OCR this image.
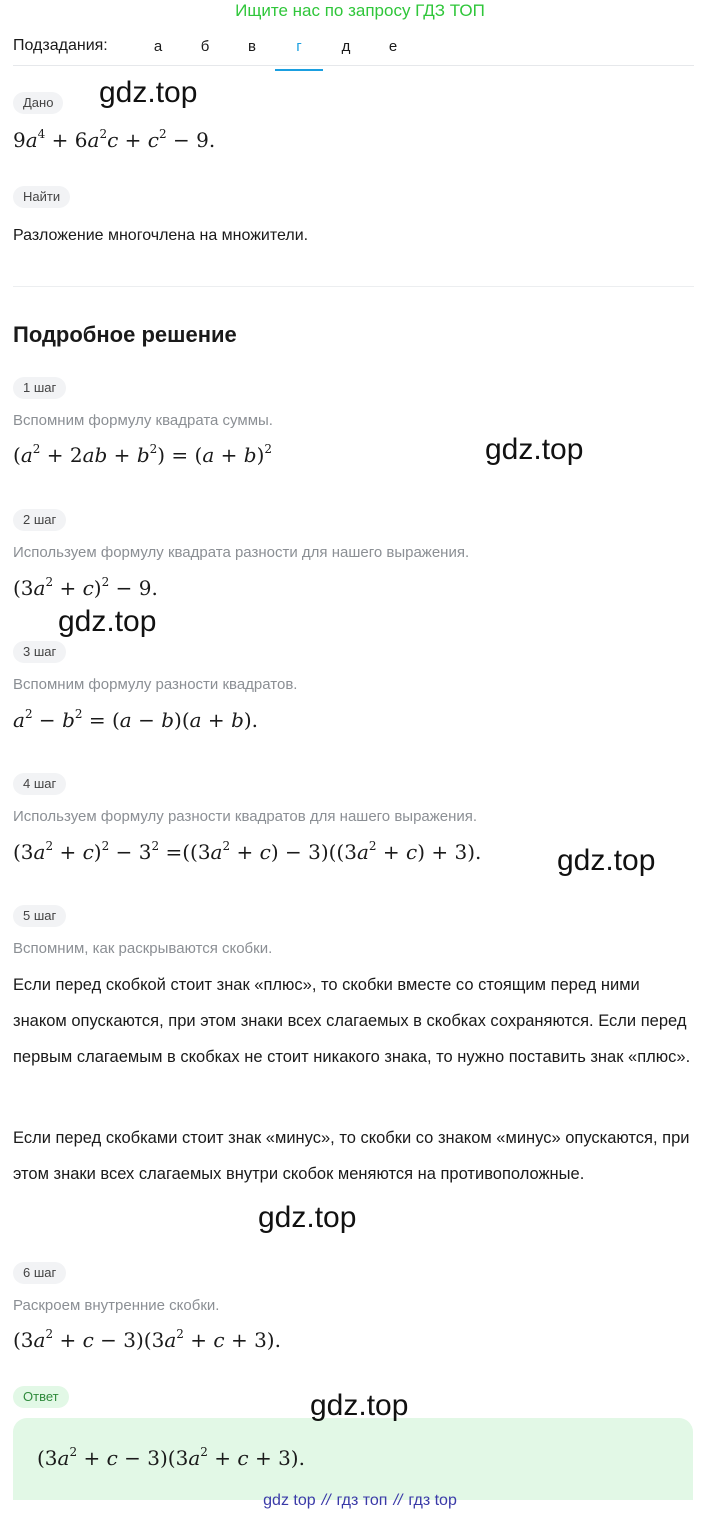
Ищите нас по запросу ГДЗ ТОП
Подзадания:	а	б	в	г	д	е
Дано
$9a^4 + 6a^2c + c^2 - 9$.
Найти
Разложение многочлена на множители.
Подробное решение
1 шаг
Вспомним формулу квадрата суммы.
$(a^2 + 2ab + b^2) = (a + b)^2$
2 шаг
Используем формулу квадрата разности для нашего выражения.
$(3a^2 + c)^2 - 9$.
3 шаг
Вспомним формулу разности квадратов.
$a^2 - b^2 = (a - b)(a + b)$.
4 шаг
Используем формулу разности квадратов для нашего выражения.
$(3a^2 + c)^2 - 3^2 =((3a^2 + c) - 3)((3a^2 + c) + 3)$.
5 шаг
Вспомним, как раскрываются скобки.
Если перед скобкой стоит знак «плюс», то скобки вместе со стоящим перед ними знаком опускаются, при этом знаки всех слагаемых в скобках сохраняются. Если перед первым слагаемым в скобках не стоит никакого знака, то нужно поставить знак «плюс».
Если перед скобками стоит знак «минус», то скобки со знаком «минус» опускаются, при этом знаки всех слагаемых внутри скобок меняются на противоположные.
6 шаг
Раскроем внутренние скобки.
$(3a^2 + c - 3)(3a^2 + c + 3)$.
Ответ
$(3a^2 + c - 3)(3a^2 + c + 3)$.
gdz.top
gdz.top
gdz.top
gdz.top
gdz.top
gdz.top
gdz top // гдз топ // гдз top
